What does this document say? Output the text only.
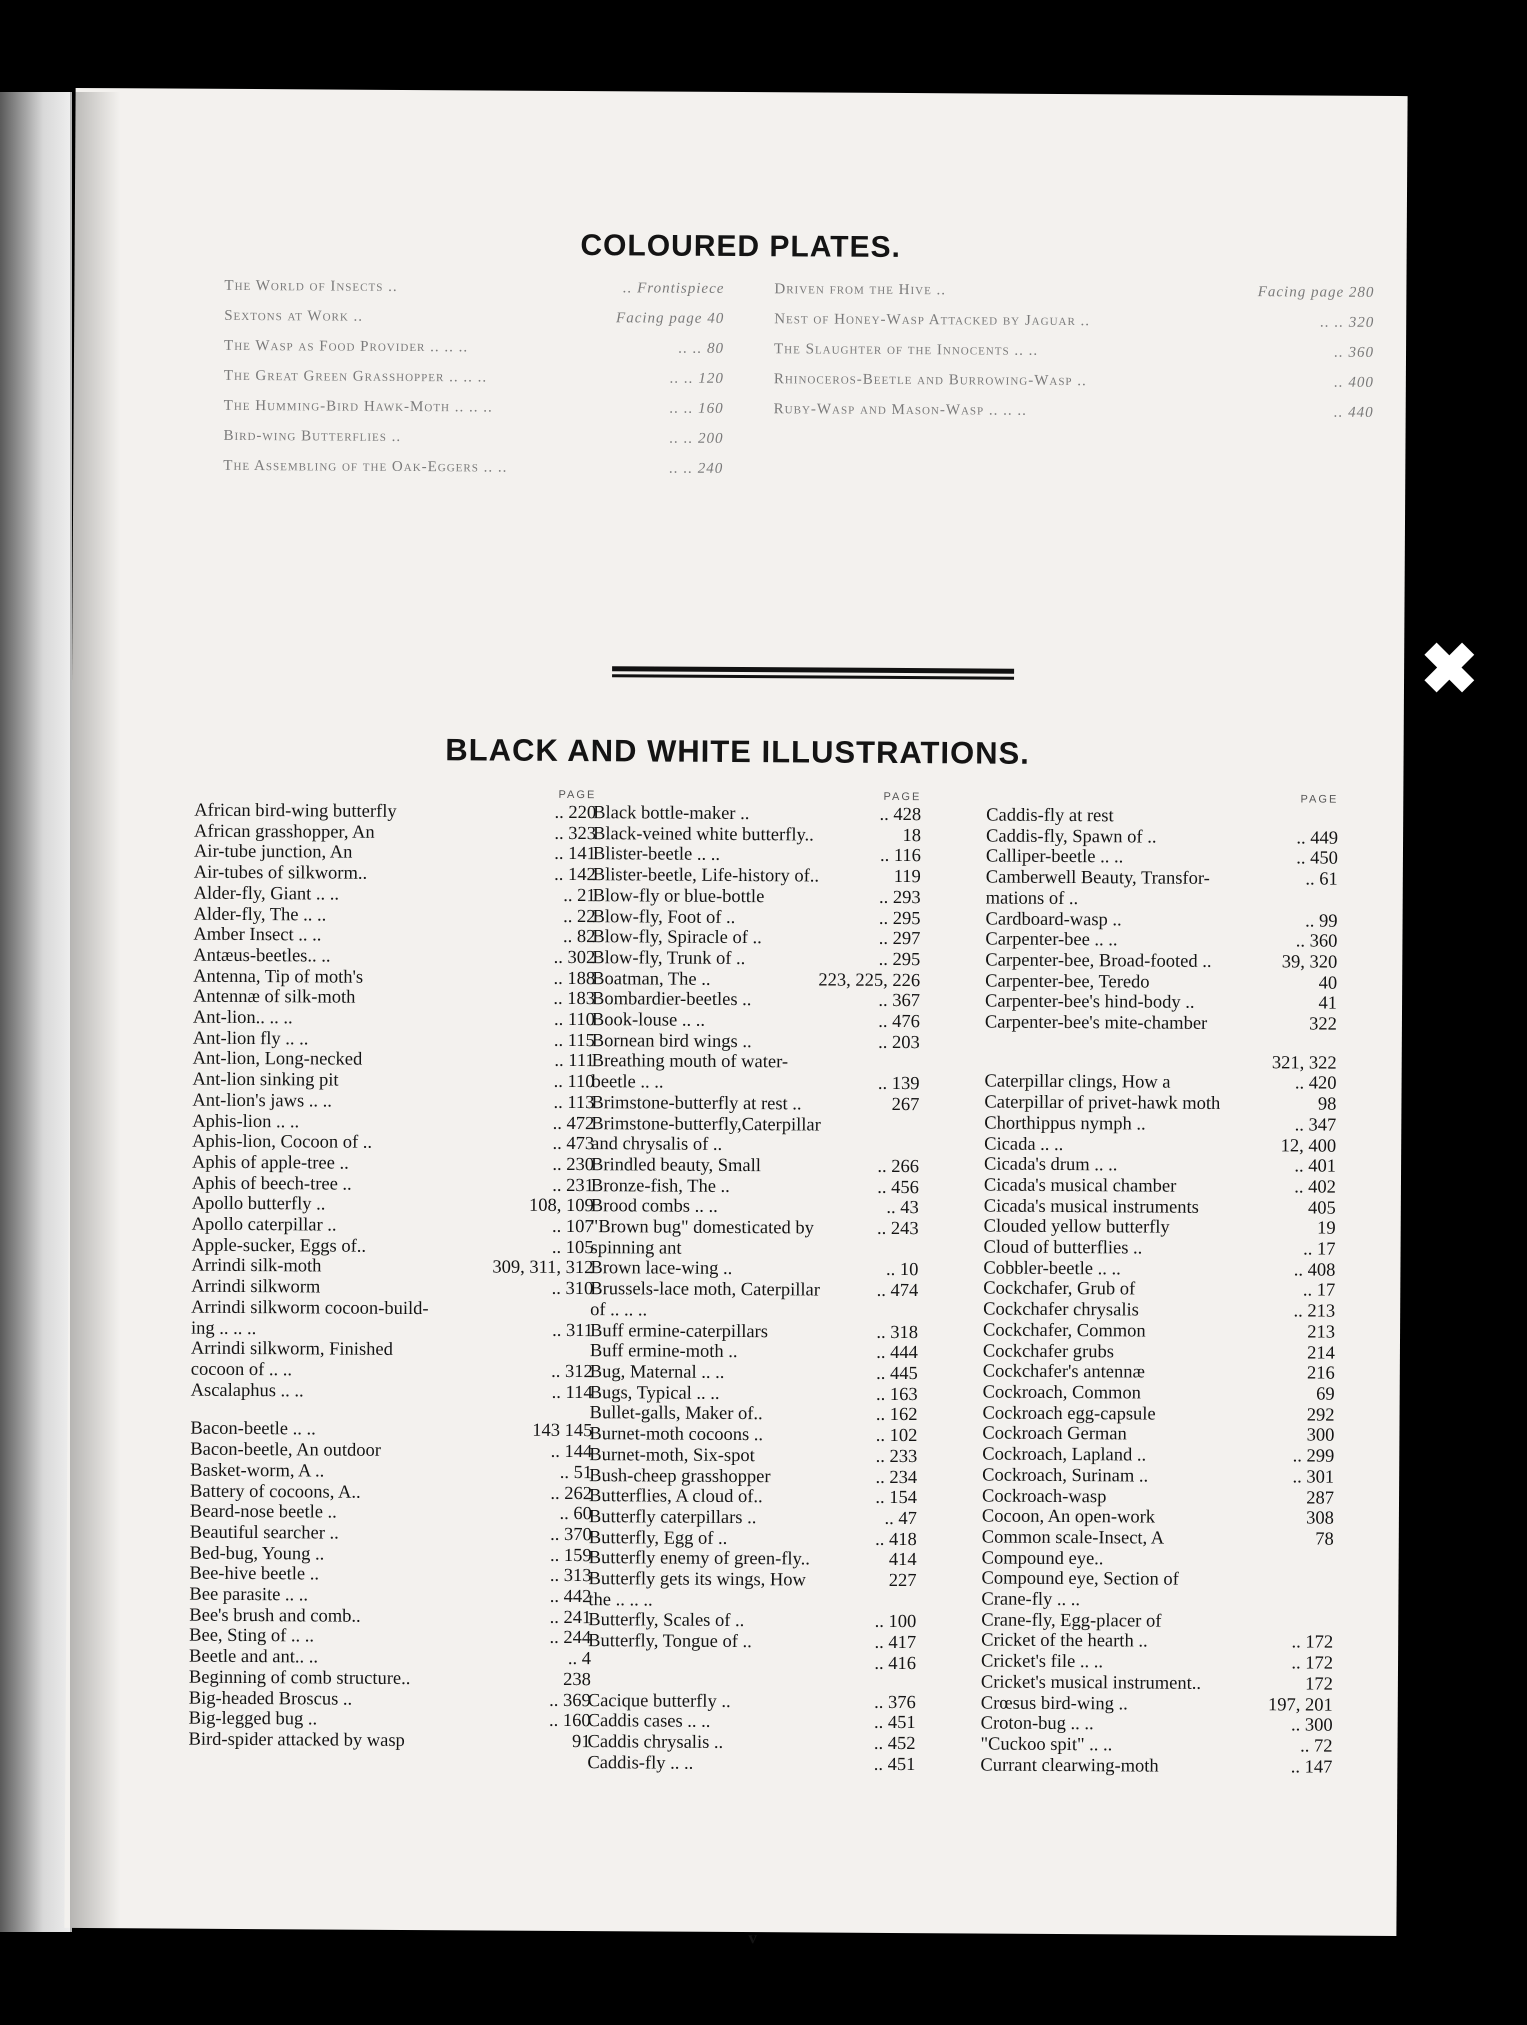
COLOURED PLATES.
The World of Insects ..	.. Frontispiece
Sextons at Work ..	Facing page 40
The Wasp as Food Provider .. .. ..	.. .. 80
The Great Green Grasshopper .. .. ..	.. .. 120
The Humming-Bird Hawk-Moth .. .. ..	.. .. 160
Bird-wing Butterflies ..	.. .. 200
The Assembling of the Oak-Eggers .. ..	.. .. 240
Driven from the Hive ..	Facing page 280
Nest of Honey-Wasp Attacked by Jaguar ..	.. .. 320
The Slaughter of the Innocents .. ..	.. 360
Rhinoceros-Beetle and Burrowing-Wasp ..	.. 400
Ruby-Wasp and Mason-Wasp .. .. ..	.. 440
BLACK AND WHITE ILLUSTRATIONS.
PAGE
African bird-wing butterfly	.. 220
African grasshopper, An	.. 323
Air-tube junction, An	.. 141
Air-tubes of silkworm..	.. 142
Alder-fly, Giant .. ..	.. 21
Alder-fly, The .. ..	.. 22
Amber Insect .. ..	.. 82
Antæus-beetles.. ..	.. 302
Antenna, Tip of moth's	.. 188
Antennæ of silk-moth	.. 183
Ant-lion.. .. ..	.. 110
Ant-lion fly .. ..	.. 115
Ant-lion, Long-necked	.. 111
Ant-lion sinking pit	.. 110
Ant-lion's jaws .. ..	.. 113
Aphis-lion .. ..	.. 472
Aphis-lion, Cocoon of ..	.. 473
Aphis of apple-tree ..	.. 230
Aphis of beech-tree ..	.. 231
Apollo butterfly ..	108, 109
Apollo caterpillar ..	.. 107
Apple-sucker, Eggs of..	.. 105
Arrindi silk-moth	309, 311, 312
Arrindi silkworm	.. 310
Arrindi silkworm cocoon-build-
ing .. .. ..	.. 311
Arrindi silkworm, Finished
cocoon of .. ..	.. 312
Ascalaphus .. ..	.. 114
Bacon-beetle .. ..	143 145
Bacon-beetle, An outdoor	.. 144
Basket-worm, A ..	.. 51
Battery of cocoons, A..	.. 262
Beard-nose beetle ..	.. 60
Beautiful searcher ..	.. 370
Bed-bug, Young ..	.. 159
Bee-hive beetle ..	.. 313
Bee parasite .. ..	.. 442
Bee's brush and comb..	.. 241
Bee, Sting of .. ..	.. 244
Beetle and ant.. ..	.. 4
Beginning of comb structure..	238
Big-headed Broscus ..	.. 369
Big-legged bug ..	.. 160
Bird-spider attacked by wasp	91
PAGE
Black bottle-maker ..	.. 428
Black-veined white butterfly..	18
Blister-beetle .. ..	.. 116
Blister-beetle, Life-history of..	119
Blow-fly or blue-bottle	.. 293
Blow-fly, Foot of ..	.. 295
Blow-fly, Spiracle of ..	.. 297
Blow-fly, Trunk of ..	.. 295
Boatman, The ..	223, 225, 226
Bombardier-beetles ..	.. 367
Book-louse .. ..	.. 476
Bornean bird wings ..	.. 203
Breathing mouth of water-
beetle .. ..	.. 139
Brimstone-butterfly at rest ..	267
Brimstone-butterfly,Caterpillar
and chrysalis of ..
Brindled beauty, Small	.. 266
Bronze-fish, The ..	.. 456
Brood combs .. ..	.. 43
"Brown bug" domesticated by	.. 243
spinning ant
Brown lace-wing ..	.. 10
Brussels-lace moth, Caterpillar	.. 474
of .. .. ..
Buff ermine-caterpillars	.. 318
Buff ermine-moth ..	.. 444
Bug, Maternal .. ..	.. 445
Bugs, Typical .. ..	.. 163
Bullet-galls, Maker of..	.. 162
Burnet-moth cocoons ..	.. 102
Burnet-moth, Six-spot	.. 233
Bush-cheep grasshopper	.. 234
Butterflies, A cloud of..	.. 154
Butterfly caterpillars ..	.. 47
Butterfly, Egg of ..	.. 418
Butterfly enemy of green-fly..	414
Butterfly gets its wings, How	227
the .. .. ..
Butterfly, Scales of ..	.. 100
Butterfly, Tongue of ..	.. 417
.. 416
Cacique butterfly ..	.. 376
Caddis cases .. ..	.. 451
Caddis chrysalis ..	.. 452
Caddis-fly .. ..	.. 451
PAGE
Caddis-fly at rest
Caddis-fly, Spawn of ..	.. 449
Calliper-beetle .. ..	.. 450
Camberwell Beauty, Transfor-	.. 61
mations of ..
Cardboard-wasp ..	.. 99
Carpenter-bee .. ..	.. 360
Carpenter-bee, Broad-footed ..	39, 320
Carpenter-bee, Teredo	40
Carpenter-bee's hind-body ..	41
Carpenter-bee's mite-chamber	322
321, 322
Caterpillar clings, How a	.. 420
Caterpillar of privet-hawk moth	98
Chorthippus nymph ..	.. 347
Cicada .. ..	12, 400
Cicada's drum .. ..	.. 401
Cicada's musical chamber	.. 402
Cicada's musical instruments	405
Clouded yellow butterfly	19
Cloud of butterflies ..	.. 17
Cobbler-beetle .. ..	.. 408
Cockchafer, Grub of	.. 17
Cockchafer chrysalis	.. 213
Cockchafer, Common	213
Cockchafer grubs	214
Cockchafer's antennæ	216
Cockroach, Common	69
Cockroach egg-capsule	292
Cockroach German	300
Cockroach, Lapland ..	.. 299
Cockroach, Surinam ..	.. 301
Cockroach-wasp	287
Cocoon, An open-work	308
Common scale-Insect, A	78
Compound eye..
Compound eye, Section of
Crane-fly .. ..
Crane-fly, Egg-placer of
Cricket of the hearth ..	.. 172
Cricket's file .. ..	.. 172
Cricket's musical instrument..	172
Crœsus bird-wing ..	197, 201
Croton-bug .. ..	.. 300
"Cuckoo spit" .. ..	.. 72
Currant clearwing-moth	.. 147
v
✖
